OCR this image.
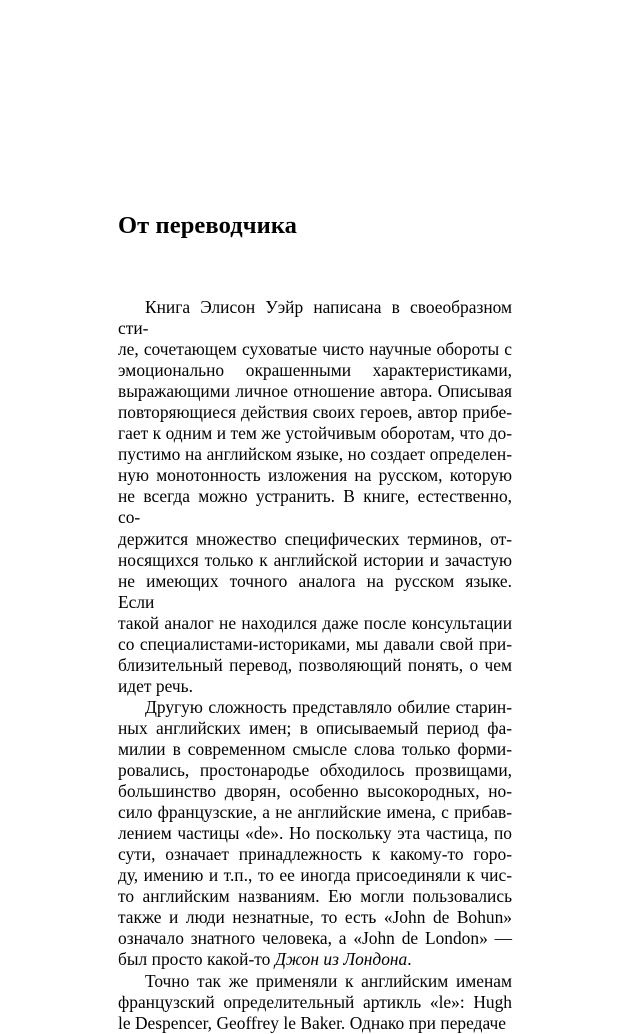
От переводчика

Книга Элисон Уэйр написана в своеобразном сти-
ле, сочетающем суховатые чисто научные обороты с
эмоционально окрашенными характеристиками,
выражающими личное отношение автора. Описывая
повторяющиеся действия своих героев, автор прибе-
гает к одним и тем же устойчивым оборотам, что до-
пустимо на английском языке, но создает определен-
ную монотонность изложения на русском, которую
не всегда можно устранить. В книге, естественно, со-
держится множество специфических терминов, от-
носящихся только к английской истории и зачастую
не имеющих точного аналога на русском языке. Если
такой аналог не находился даже после консультации
со специалистами-историками, мы давали свой при-
близительный перевод, позволяющий понять, о чем
идет речь.

Другую сложность представляло обилие старин-
ных английских имен; в описываемый период фа-
милии в современном смысле слова только форми-
ровались, простонародье обходилось прозвищами,
большинство дворян, особенно высокородных, но-
сило французские, а не английские имена, с прибав-
лением частицы «de». Но поскольку эта частица, по
сути, означает принадлежность к какому-то горо-
ду, имению и т.п., то ее иногда присоединяли к чис-
то английским названиям. Ею могли пользовались
также и люди незнатные, то есть «John de Bohun»
означало знатного человека, а «John de London» —
был просто какой-то Джон из Лондона.

Точно так же применяли к английским именам
французский определительный артикль «le»: Hugh
le Despencer, Geoffrey le Baker. Однако при передаче
